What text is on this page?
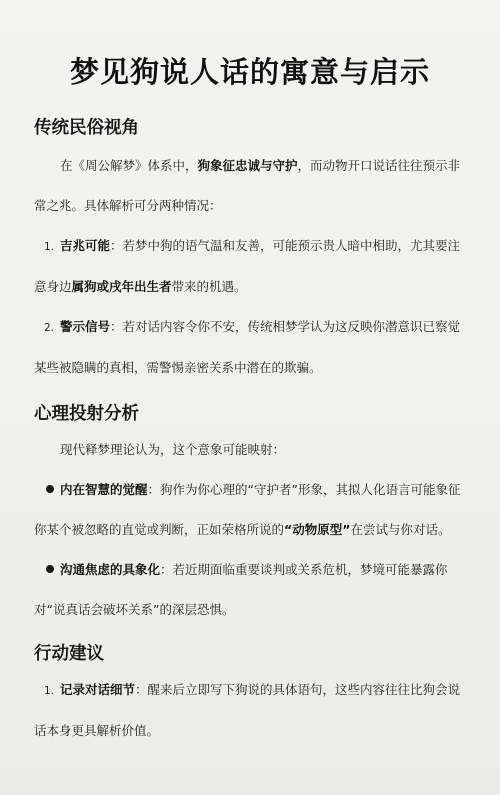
梦见狗说人话的寓意与启示
传统民俗视角

在《周公解梦》体系中，狗象征忠诚与守护，而动物开口说话往往预示非常之兆。具体解析可分两种情况：

1. 吉兆可能：若梦中狗的语气温和友善，可能预示贵人暗中相助，尤其要注意身边属狗或戌年出生者带来的机遇。

2. 警示信号：若对话内容令你不安，传统相梦学认为这反映你潜意识已察觉某些被隐瞒的真相，需警惕亲密关系中潜在的欺骗。

心理投射分析

现代释梦理论认为，这个意象可能映射：

内在智慧的觉醒：狗作为你心理的“守护者”形象，其拟人化语言可能象征你某个被忽略的直觉或判断，正如荣格所说的“动物原型”在尝试与你对话。

沟通焦虑的具象化：若近期面临重要谈判或关系危机，梦境可能暴露你对“说真话会破坏关系”的深层恐惧。

行动建议

1. 记录对话细节：醒来后立即写下狗说的具体语句，这些内容往往比狗会说话本身更具解析价值。
